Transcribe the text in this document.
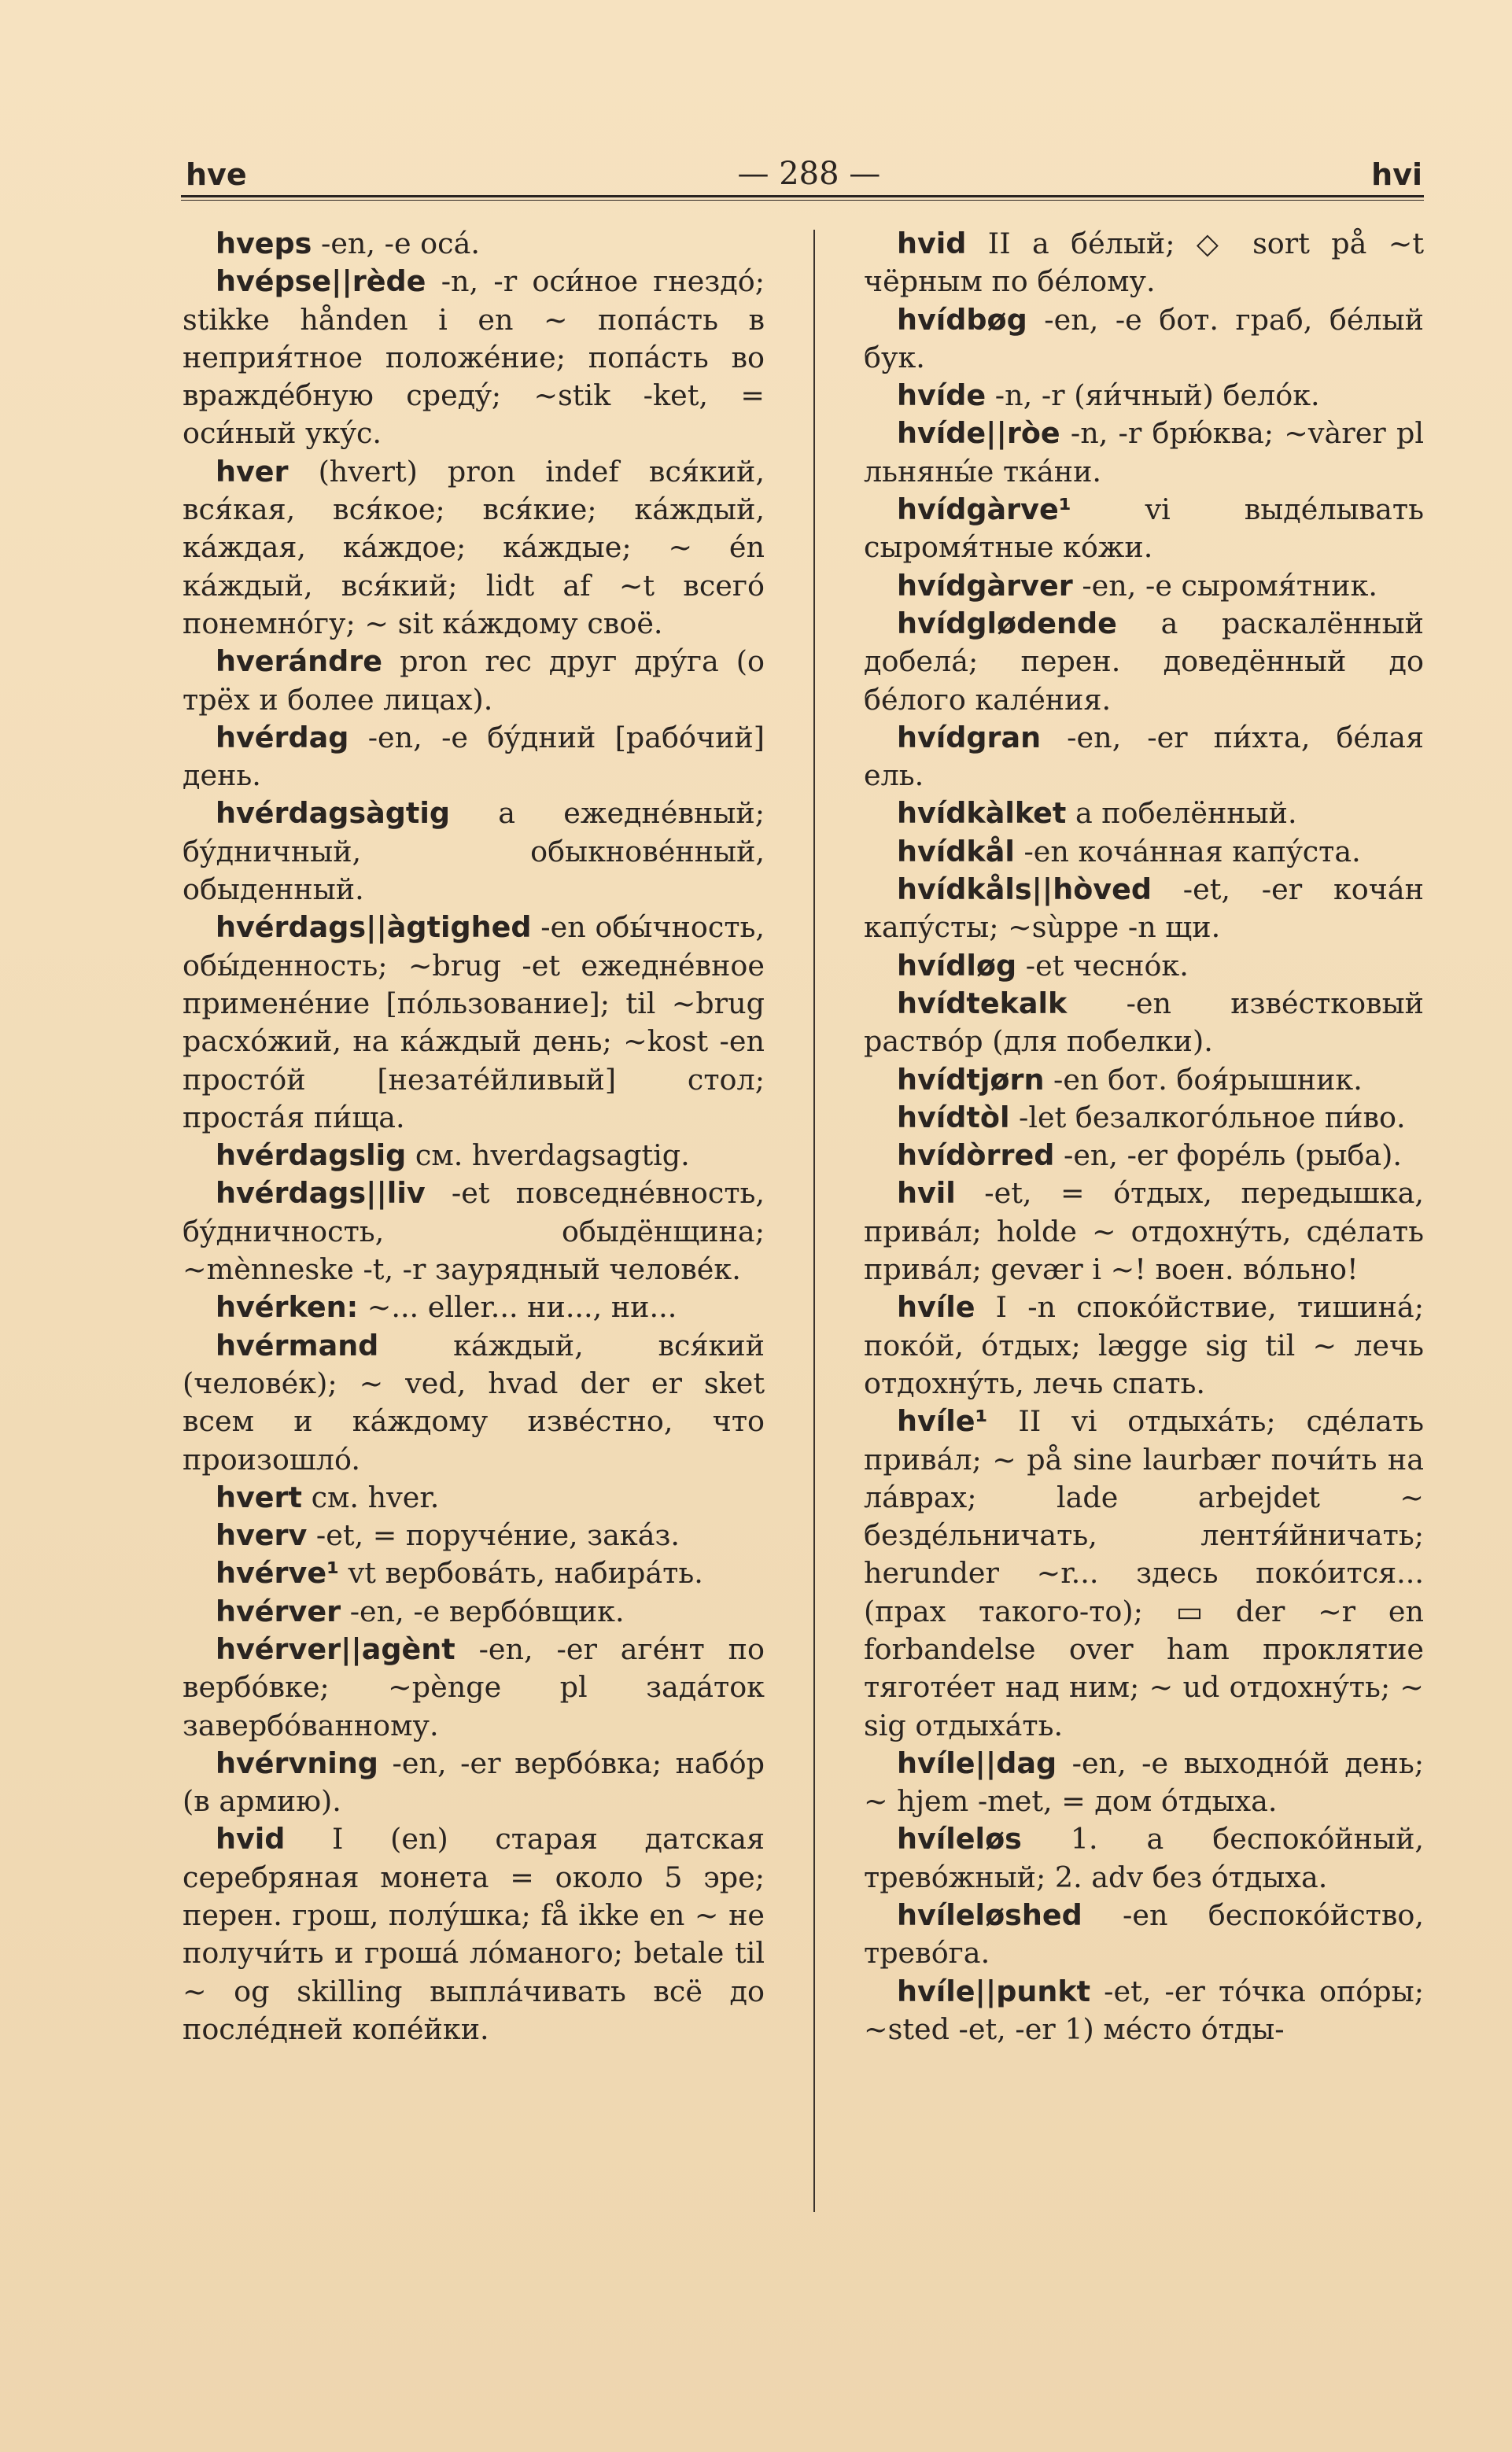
hve	— 288 —	hvi

hveps -en, -e осá.

hvépse||rède -n, -r оси́ное гнездó; stikke hånden i en ~ попáсть в неприя́тное положéние; попáсть во враждéбную средý; ~stik -ket, = оси́ный укýс.

hver (hvert) pron indef вся́кий, вся́кая, вся́кое; вся́кие; кáждый, кáждая, кáждое; кáждые; ~ én кáждый, вся́кий; lidt af ~t всегó понемнóгу; ~ sit кáждому своё.

hverándre pron rec друг дрýга (о трёх и более лицах).

hvérdag -en, -e бýдний [рабóчий] день.

hvérdagsàgtig a ежеднéвный; бýдничный, обыкновéнный, обыденный.

hvérdags||àgtighed -en обы́чность, обы́денность; ~brug -et ежеднéвное применéние [пóльзование]; til ~brug расхóжий, на кáждый день; ~kost -en простóй [незатéйливый] стол; простáя пи́ща.

hvérdagslig см. hverdagsagtig.

hvérdags||liv -et повседнéвность, бýдничность, обыдёнщина; ~mènneske -t, -r заурядный человéк.

hvérken: ~... eller... ни..., ни...

hvérmand кáждый, вся́кий (человéк); ~ ved, hvad der er sket всем и кáждому извéстно, что произошлó.

hvert см. hver.

hverv -et, = поручéние, закáз.

hvérve¹ vt вербовáть, набирáть.

hvérver -en, -e вербóвщик.

hvérver||agènt -en, -er агéнт по вербóвке; ~pènge pl задáток завербóванному.

hvérvning -en, -er вербóвка; набóр (в армию).

hvid I (en) старая датская серебряная монета = около 5 эре; перен. грош, полýшка; få ikke en ~ не получи́ть и грошá лóманого; betale til ~ og skilling выплáчивать всё до послéдней копéйки.

hvid II a бéлый; ◇ sort på ~t чёрным по бéлому.

hvídbøg -en, -e бот. граб, бéлый бук.

hvíde -n, -r (яи́чный) белóк.

hvíde||ròe -n, -r брю́ква; ~vàrer pl льняны́е ткáни.

hvídgàrve¹ vi выдéлывать сыромя́тные кóжи.

hvídgàrver -en, -e сыромя́тник.

hvídglødende a раскалённый добелá; перен. доведённый до бéлого калéния.

hvídgran -en, -er пи́хта, бéлая ель.

hvídkàlket a побелённый.

hvídkål -en кочáнная капýста.

hvídkåls||hòved -et, -er кочáн капýсты; ~sùppe -n щи.

hvídløg -et чеснóк.

hvídtekalk -en извéстковый раствóр (для побелки).

hvídtjørn -en бот. боя́рышник.

hvídtòl -let безалкогóльное пи́во.

hvídòrred -en, -er форéль (рыба).

hvil -et, = óтдых, передышка, привáл; holde ~ отдохнýть, сдéлать привáл; gevær i ~! воен. вóльно!

hvíle I -n спокóйствие, тишинá; покóй, óтдых; lægge sig til ~ лечь отдохнýть, лечь спать.

hvíle¹ II vi отдыхáть; сдéлать привáл; ~ på sine laurbær почи́ть на лáврах; lade arbejdet ~ бездéльничать, лентя́йничать; herunder ~r... здесь покóится... (прах такого-то); ▭ der ~r en forbandelse over ham проклятие тяготéет над ним; ~ ud отдохнýть; ~ sig отдыхáть.

hvíle||dag -en, -e выходнóй день; ~ hjem -met, = дом óтдыха.

hvíleløs 1. a беспокóйный, тревóжный; 2. adv без óтдыха.

hvíleløshed -en беспокóйство, тревóга.

hvíle||punkt -et, -er тóчка опóры; ~sted -et, -er 1) мéсто óтды-
